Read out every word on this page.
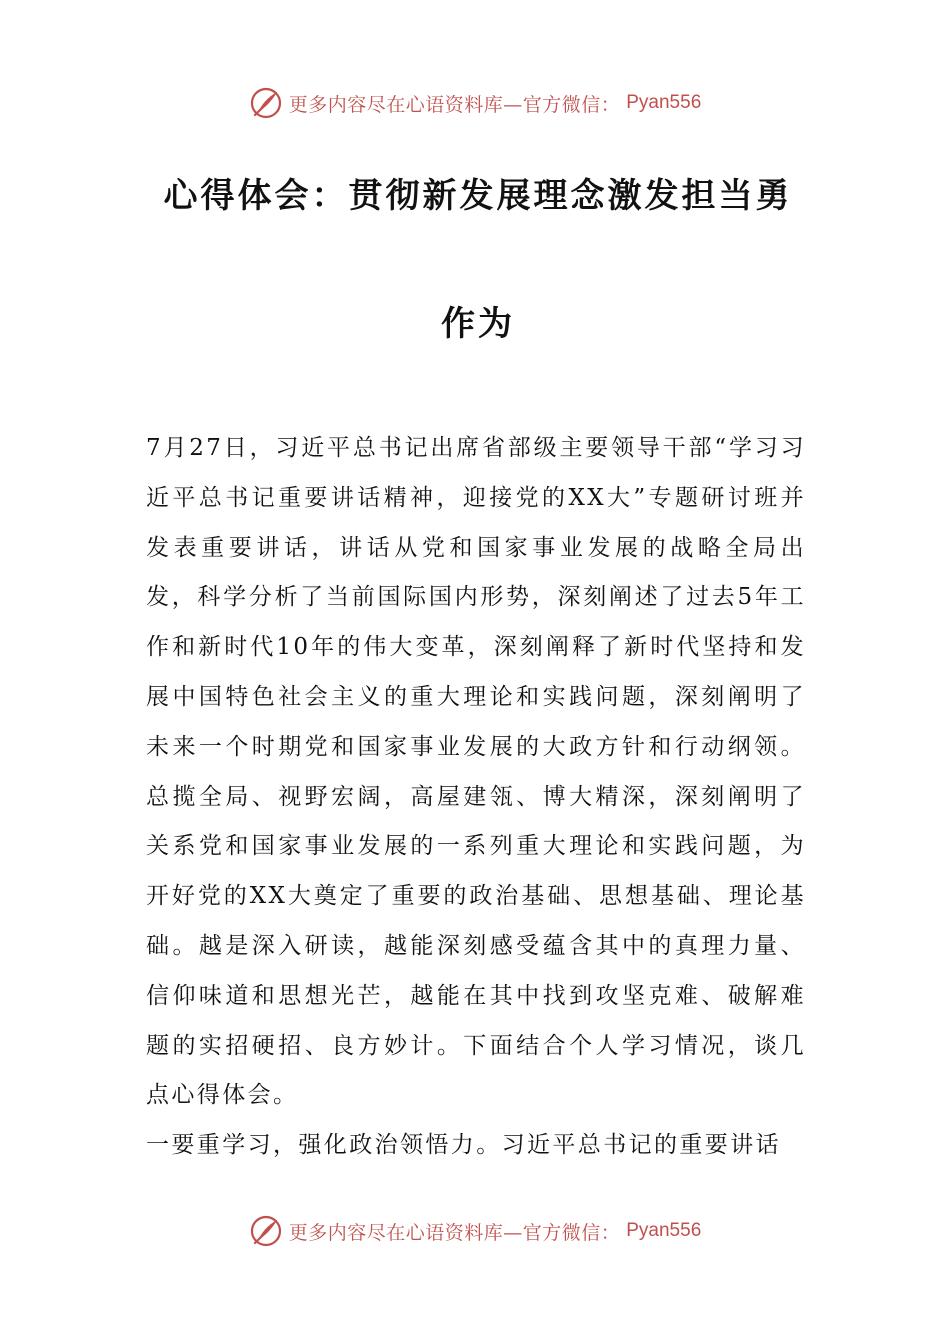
更多内容尽在心语资料库—官方微信： Pyan556
心得体会：贯彻新发展理念激发担当勇作为

7月27日，习近平总书记出席省部级主要领导干部“学习习近平总书记重要讲话精神，迎接党的XX大”专题研讨班并发表重要讲话，讲话从党和国家事业发展的战略全局出发，科学分析了当前国际国内形势，深刻阐述了过去5年工作和新时代10年的伟大变革，深刻阐释了新时代坚持和发展中国特色社会主义的重大理论和实践问题，深刻阐明了未来一个时期党和国家事业发展的大政方针和行动纲领。总揽全局、视野宏阔，高屋建瓴、博大精深，深刻阐明了关系党和国家事业发展的一系列重大理论和实践问题，为开好党的XX大奠定了重要的政治基础、思想基础、理论基础。越是深入研读，越能深刻感受蕴含其中的真理力量、信仰味道和思想光芒，越能在其中找到攻坚克难、破解难题的实招硬招、良方妙计。下面结合个人学习情况，谈几点心得体会。

一要重学习，强化政治领悟力。习近平总书记的重要讲话

更多内容尽在心语资料库—官方微信： Pyan556
